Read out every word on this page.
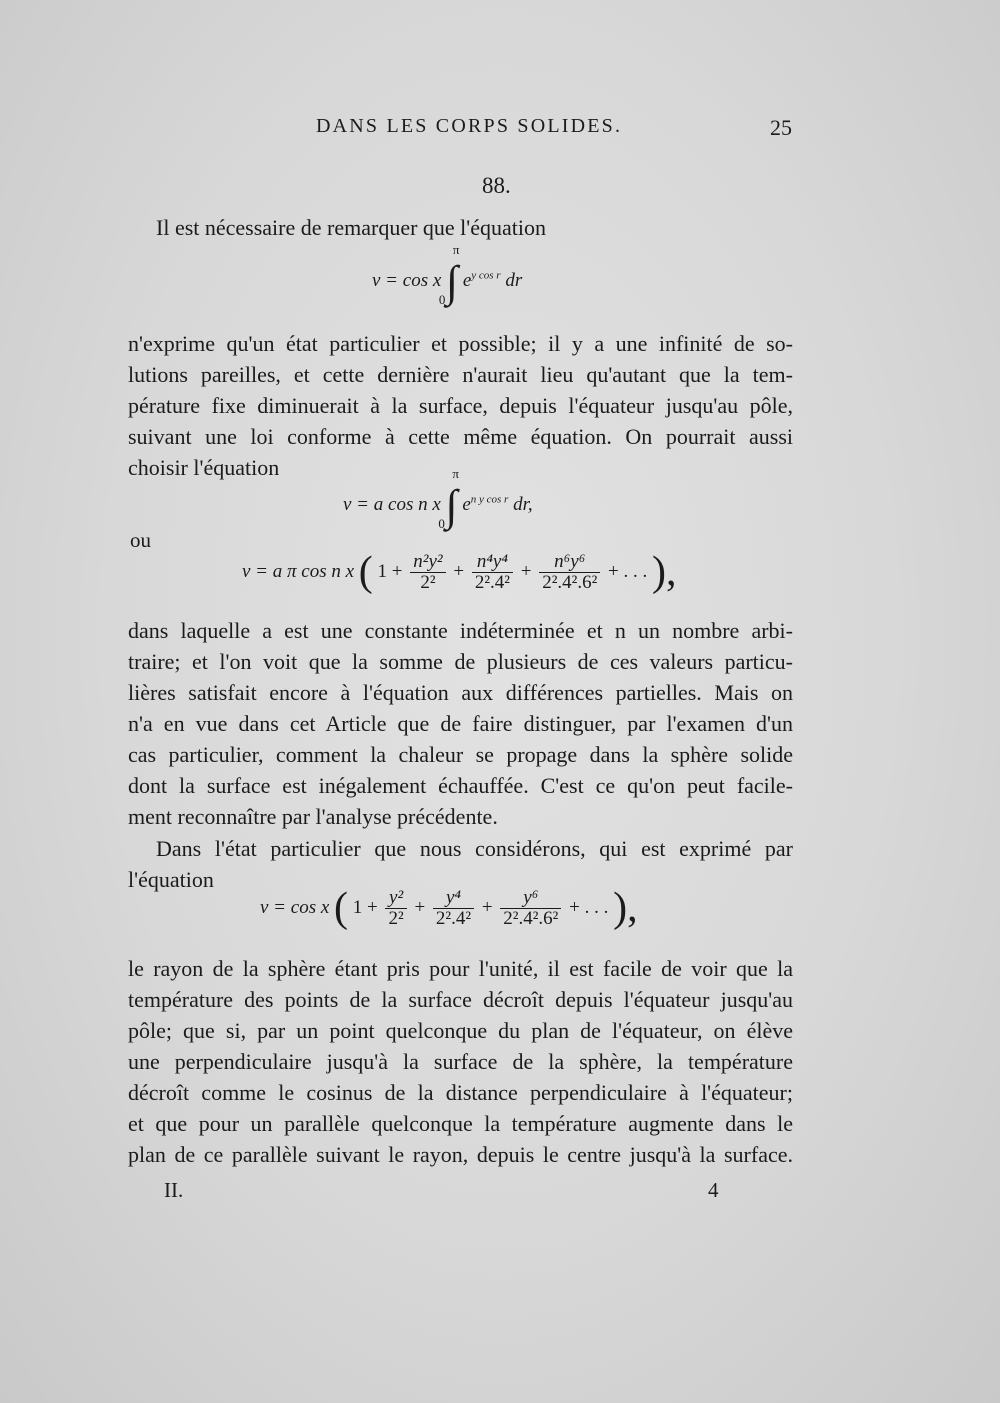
DANS LES CORPS SOLIDES.	25
88.
Il est nécessaire de remarquer que l'équation
v = cos x ∫
π
0
$e^{y cos r}$ dr
n'exprime qu'un état particulier et possible; il y a une infinité de so-
lutions pareilles, et cette dernière n'aurait lieu qu'autant que la tem-
pérature fixe diminuerait à la surface, depuis l'équateur jusqu'au pôle,
suivant une loi conforme à cette même équation. On pourrait aussi
choisir l'équation
v = a cos n x ∫
π
0
$e^{n y cos r}$ dr,
ou
v = a π cos n x ( $1 + \frac{\text{n²y²}}{\text{2²}} + \frac{\text{n⁴y⁴}}{\text{2².4²}} + \frac{\text{n⁶y⁶}}{\text{2².4².6²}}$ + . . . ),
dans laquelle a est une constante indéterminée et n un nombre arbi-
traire; et l'on voit que la somme de plusieurs de ces valeurs particu-
lières satisfait encore à l'équation aux différences partielles. Mais on
n'a en vue dans cet Article que de faire distinguer, par l'examen d'un
cas particulier, comment la chaleur se propage dans la sphère solide
dont la surface est inégalement échauffée. C'est ce qu'on peut facile-
ment reconnaître par l'analyse précédente.
Dans l'état particulier que nous considérons, qui est exprimé par
l'équation
v = cos x ( $1 + \frac{\text{y²}}{\text{2²}} + \frac{\text{y⁴}}{\text{2².4²}} + \frac{\text{y⁶}}{\text{2².4².6²}}$ + . . . ),
le rayon de la sphère étant pris pour l'unité, il est facile de voir que la
température des points de la surface décroît depuis l'équateur jusqu'au
pôle; que si, par un point quelconque du plan de l'équateur, on élève
une perpendiculaire jusqu'à la surface de la sphère, la température
décroît comme le cosinus de la distance perpendiculaire à l'équateur;
et que pour un parallèle quelconque la température augmente dans le
plan de ce parallèle suivant le rayon, depuis le centre jusqu'à la surface.
II.	4
